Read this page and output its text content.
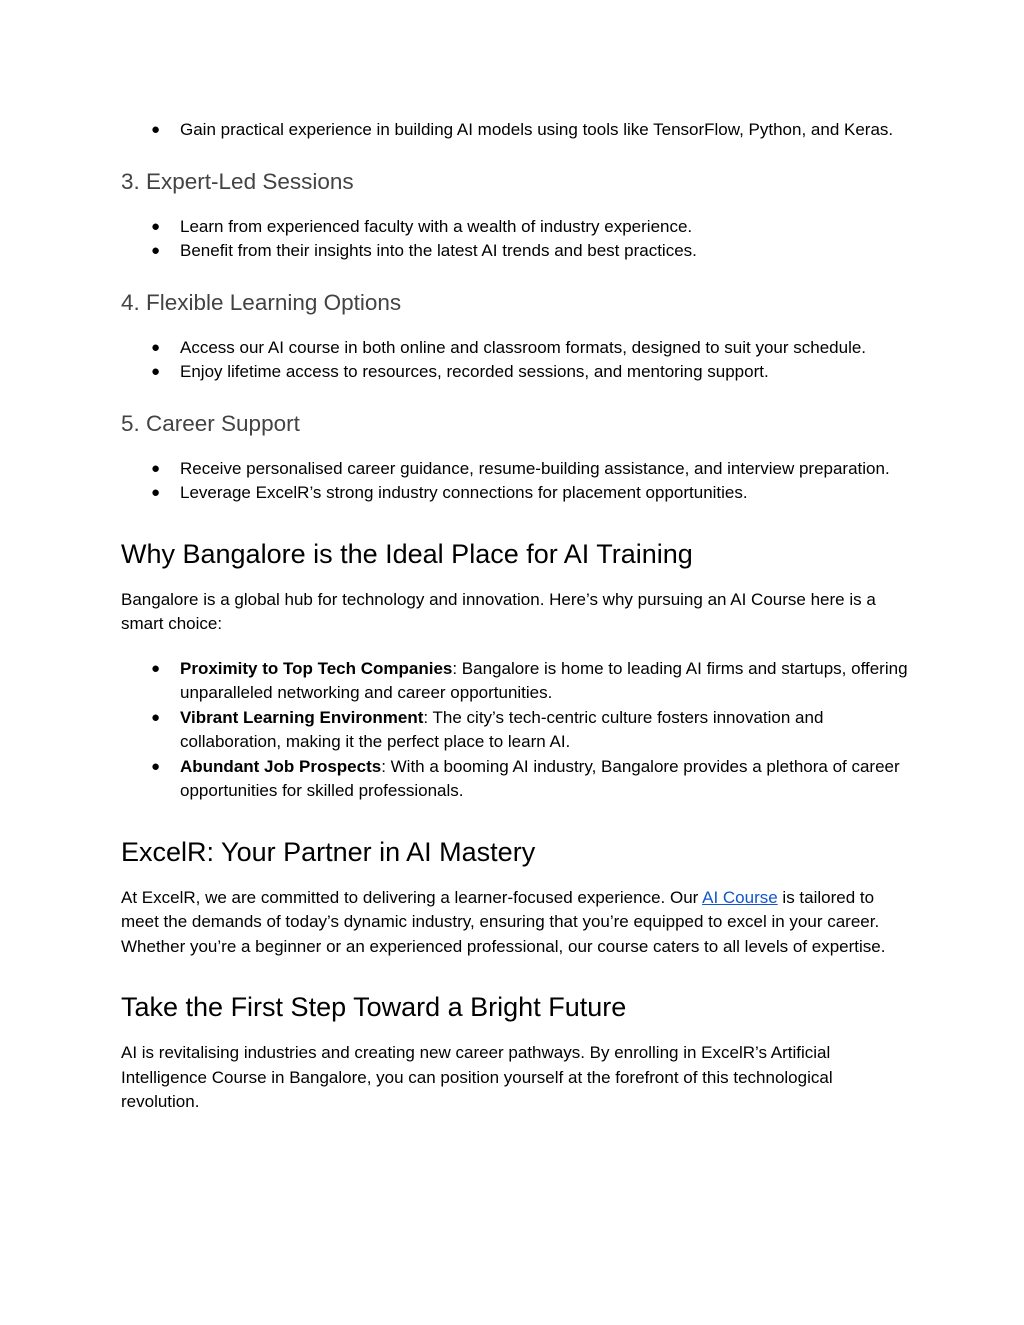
● Gain practical experience in building AI models using tools like TensorFlow, Python, and Keras.
3. Expert-Led Sessions
● Learn from experienced faculty with a wealth of industry experience.
● Benefit from their insights into the latest AI trends and best practices.
4. Flexible Learning Options
● Access our AI course in both online and classroom formats, designed to suit your schedule.
● Enjoy lifetime access to resources, recorded sessions, and mentoring support.
5. Career Support
● Receive personalised career guidance, resume-building assistance, and interview preparation.
● Leverage ExcelR’s strong industry connections for placement opportunities.
Why Bangalore is the Ideal Place for AI Training

Bangalore is a global hub for technology and innovation. Here’s why pursuing an AI Course here is a smart choice:

● Proximity to Top Tech Companies: Bangalore is home to leading AI firms and startups, offering unparalleled networking and career opportunities.
● Vibrant Learning Environment: The city’s tech-centric culture fosters innovation and collaboration, making it the perfect place to learn AI.
● Abundant Job Prospects: With a booming AI industry, Bangalore provides a plethora of career opportunities for skilled professionals.
ExcelR: Your Partner in AI Mastery

At ExcelR, we are committed to delivering a learner-focused experience. Our AI Course is tailored to meet the demands of today’s dynamic industry, ensuring that you’re equipped to excel in your career. Whether you’re a beginner or an experienced professional, our course caters to all levels of expertise.

Take the First Step Toward a Bright Future

AI is revitalising industries and creating new career pathways. By enrolling in ExcelR’s Artificial Intelligence Course in Bangalore, you can position yourself at the forefront of this technological revolution.
